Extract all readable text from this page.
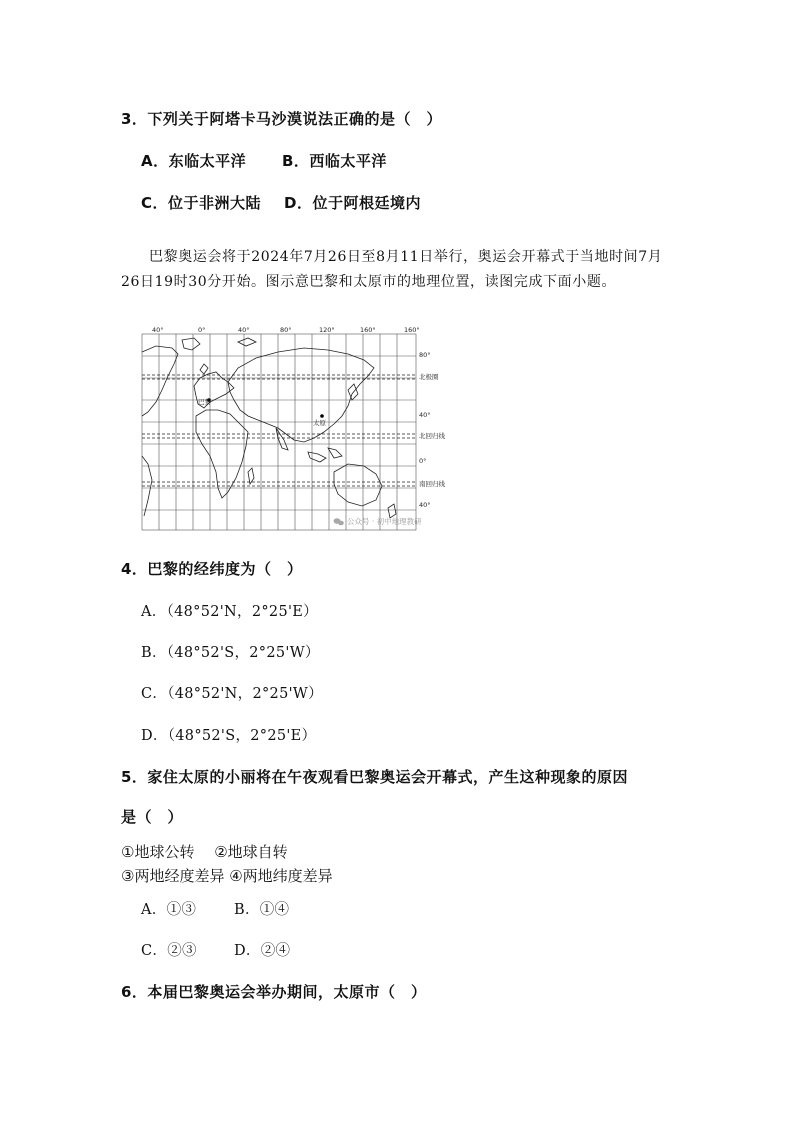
3．下列关于阿塔卡马沙漠说法正确的是（　）
A．东临太平洋 B．西临太平洋
C．位于非洲大陆 D．位于阿根廷境内
巴黎奥运会将于2024年7月26日至8月11日举行，奥运会开幕式于当地时间7月26日19时30分开始。图示意巴黎和太原市的地理位置，读图完成下面小题。
巴黎
太原
40°	0°	40°	80°	120°	160°	160°
80°
40°
0°
40°
北极圈
北回归线
南回归线
公众号 · 初中地理教研
4．巴黎的经纬度为（　）
A．（48°52'N，2°25'E）
B．（48°52'S，2°25'W）
C．（48°52'N，2°25'W）
D．（48°52'S，2°25'E）
5．家住太原的小丽将在午夜观看巴黎奥运会开幕式，产生这种现象的原因
是（　）
①地球公转　 ②地球自转
③两地经度差异 ④两地纬度差异
A．①③	B．①④
C．②③	D．②④
6．本届巴黎奥运会举办期间，太原市（　）
